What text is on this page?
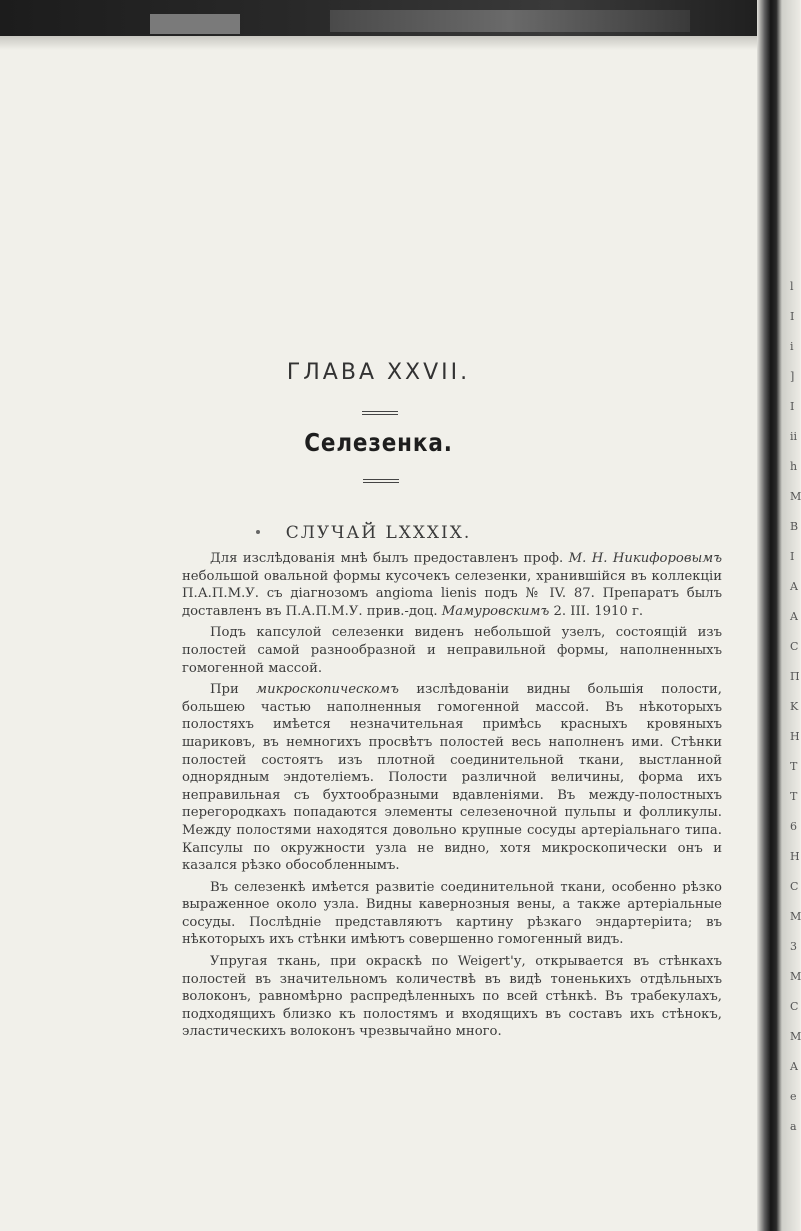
ГЛАВА XXVII.
Селезенка.
СЛУЧАЙ LXXXIX.

Для изслѣдованія мнѣ былъ предоставленъ проф. М. Н. Никифоровымъ небольшой овальной формы кусочекъ селезенки, хранившійся въ коллекціи П.А.П.М.У. съ діагнозомъ angioma lienis подъ № IV. 87. Препаратъ былъ доставленъ въ П.А.П.М.У. прив.-доц. Мамуровскимъ 2. III. 1910 г.

Подъ капсулой селезенки виденъ небольшой узелъ, состоящій изъ полостей самой разнообразной и неправильной формы, наполненныхъ гомогенной массой.

При микроскопическомъ изслѣдованіи видны большія полости, большею частью наполненныя гомогенной массой. Въ нѣкоторыхъ полостяхъ имѣется незначительная примѣсь красныхъ кровяныхъ шариковъ, въ немногихъ просвѣтъ полостей весь наполненъ ими. Стѣнки полостей состоятъ изъ плотной соединительной ткани, выстланной однорядным эндотеліемъ. Полости различной величины, форма ихъ неправильная съ бухтообразными вдавленіями. Въ между-полостныхъ перегородкахъ попадаются элементы селезеночной пульпы и фолликулы. Между полостями находятся довольно крупные сосуды артеріальнаго типа. Капсулы по окружности узла не видно, хотя микроскопически онъ и казался рѣзко обособленнымъ.

Въ селезенкѣ имѣется развитіе соединительной ткани, особенно рѣзко выраженное около узла. Видны кавернозныя вены, а также артеріальные сосуды. Послѣдніе представляютъ картину рѣзкаго эндартеріита; въ нѣкоторыхъ ихъ стѣнки имѣютъ совершенно гомогенный видъ.

Упругая ткань, при окраскѣ по Weigert'у, открывается въ стѣнкахъ полостей въ значительномъ количествѣ въ видѣ тоненькихъ отдѣльныхъ волоконъ, равномѣрно распредѣленныхъ по всей стѣнкѣ. Въ трабекулахъ, подходящихъ близко къ полостямъ и входящихъ въ составъ ихъ стѣнокъ, эластическихъ волоконъ чрезвычайно много.

l
I
i
]
I
ii
h
M
B
I
A
A
C
П
K
H
T
T
6
H
C
M
3
M
C
M
A
e
a
